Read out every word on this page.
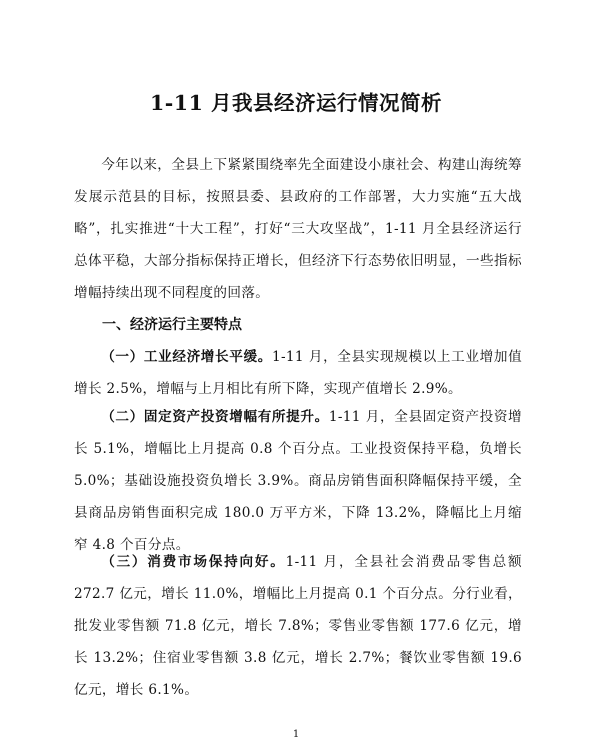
1-11 月我县经济运行情况简析

今年以来，全县上下紧紧围绕率先全面建设小康社会、构建山海统筹发展示范县的目标，按照县委、县政府的工作部署，大力实施“五大战略”，扎实推进“十大工程”，打好“三大攻坚战”，1-11 月全县经济运行总体平稳，大部分指标保持正增长，但经济下行态势依旧明显，一些指标增幅持续出现不同程度的回落。

一、经济运行主要特点

（一）工业经济增长平缓。1-11 月，全县实现规模以上工业增加值增长 2.5%，增幅与上月相比有所下降，实现产值增长 2.9%。

（二）固定资产投资增幅有所提升。1-11 月，全县固定资产投资增长 5.1%，增幅比上月提高 0.8 个百分点。工业投资保持平稳，负增长 5.0%；基础设施投资负增长 3.9%。商品房销售面积降幅保持平缓，全县商品房销售面积完成 180.0 万平方米，下降 13.2%，降幅比上月缩窄 4.8 个百分点。

（三）消费市场保持向好。1-11 月，全县社会消费品零售总额 272.7 亿元，增长 11.0%，增幅比上月提高 0.1 个百分点。分行业看，批发业零售额 71.8 亿元，增长 7.8%；零售业零售额 177.6 亿元，增长 13.2%；住宿业零售额 3.8 亿元，增长 2.7%；餐饮业零售额 19.6 亿元，增长 6.1%。

1
